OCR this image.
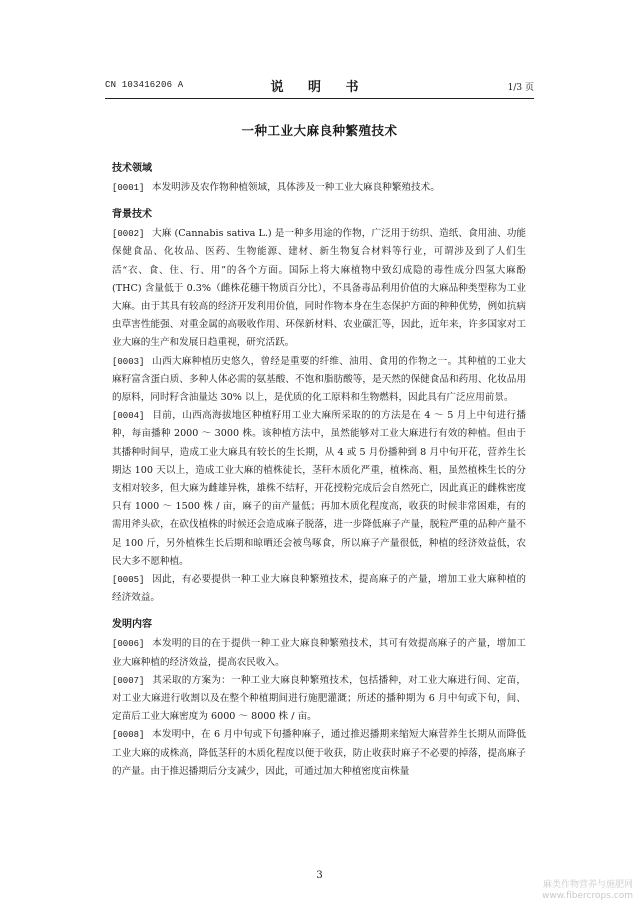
CN 103416206 A	说 明 书	1/3 页
一种工业大麻良种繁殖技术
技术领域

[0001] 本发明涉及农作物种植领域，具体涉及一种工业大麻良种繁殖技术。

背景技术

[0002] 大麻 (Cannabis sativa L.) 是一种多用途的作物，广泛用于纺织、造纸、食用油、功能保健食品、化妆品、医药、生物能源、建材、新生物复合材料等行业，可谓涉及到了人们生活“衣、食、住、行、用”的各个方面。国际上将大麻植物中致幻成隐的毒性成分四氢大麻酚 (THC) 含量低于 0.3%（雌株花穗干物质百分比），不具备毒品利用价值的大麻品种类型称为工业大麻。由于其具有较高的经济开发利用价值，同时作物本身在生态保护方面的种种优势，例如抗病虫草害性能强、对重金属的高吸收作用、环保新材料、农业碳汇等，因此，近年来，许多国家对工业大麻的生产和发展日趋重视，研究活跃。

[0003] 山西大麻种植历史悠久，曾经是重要的纤维、油用、食用的作物之一。其种植的工业大麻籽富含蛋白质、多种人体必需的氨基酸、不饱和脂肪酸等，是天然的保健食品和药用、化妆品用的原料，同时籽含油量达 30% 以上，是优质的化工原料和生物燃料，因此具有广泛应用前景。

[0004] 目前，山西高海拔地区种植籽用工业大麻所采取的的方法是在 4 ～ 5 月上中旬进行播种，每亩播种 2000 ～ 3000 株。该种植方法中，虽然能够对工业大麻进行有效的种植。但由于其播种时间早，造成工业大麻具有较长的生长期，从 4 或 5 月份播种到 8 月中旬开花，营养生长期达 100 天以上，造成工业大麻的植株徒长，茎秆木质化严重，植株高、粗，虽然植株生长的分支相对较多，但大麻为雌雄异株，雄株不结籽，开花授粉完成后会自然死亡，因此真正的雌株密度只有 1000 ～ 1500 株 / 亩，麻子的亩产量低；再加木质化程度高，收获的时候非常困难，有的需用斧头砍，在砍伐植株的时候还会造成麻子脱落，进一步降低麻子产量，脱粒严重的品种产量不足 100 斤，另外植株生长后期和晾晒还会被鸟啄食，所以麻子产量很低，种植的经济效益低，农民大多不愿种植。

[0005] 因此，有必要提供一种工业大麻良种繁殖技术，提高麻子的产量，增加工业大麻种植的经济效益。

发明内容

[0006] 本发明的目的在于提供一种工业大麻良种繁殖技术，其可有效提高麻子的产量，增加工业大麻种植的经济效益，提高农民收入。

[0007] 其采取的方案为：一种工业大麻良种繁殖技术，包括播种，对工业大麻进行间、定苗，对工业大麻进行收割以及在整个种植期间进行施肥灌溉；所述的播种期为 6 月中旬或下旬，间、定苗后工业大麻密度为 6000 ～ 8000 株 / 亩。

[0008] 本发明中，在 6 月中旬或下旬播种麻子，通过推迟播期来缩短大麻营养生长期从而降低工业大麻的成株高，降低茎秆的木质化程度以便于收获，防止收获时麻子不必要的掉落，提高麻子的产量。由于推迟播期后分支减少，因此，可通过加大种植密度亩株量

3
麻类作物营养与施肥网
www.fibercrops.com
